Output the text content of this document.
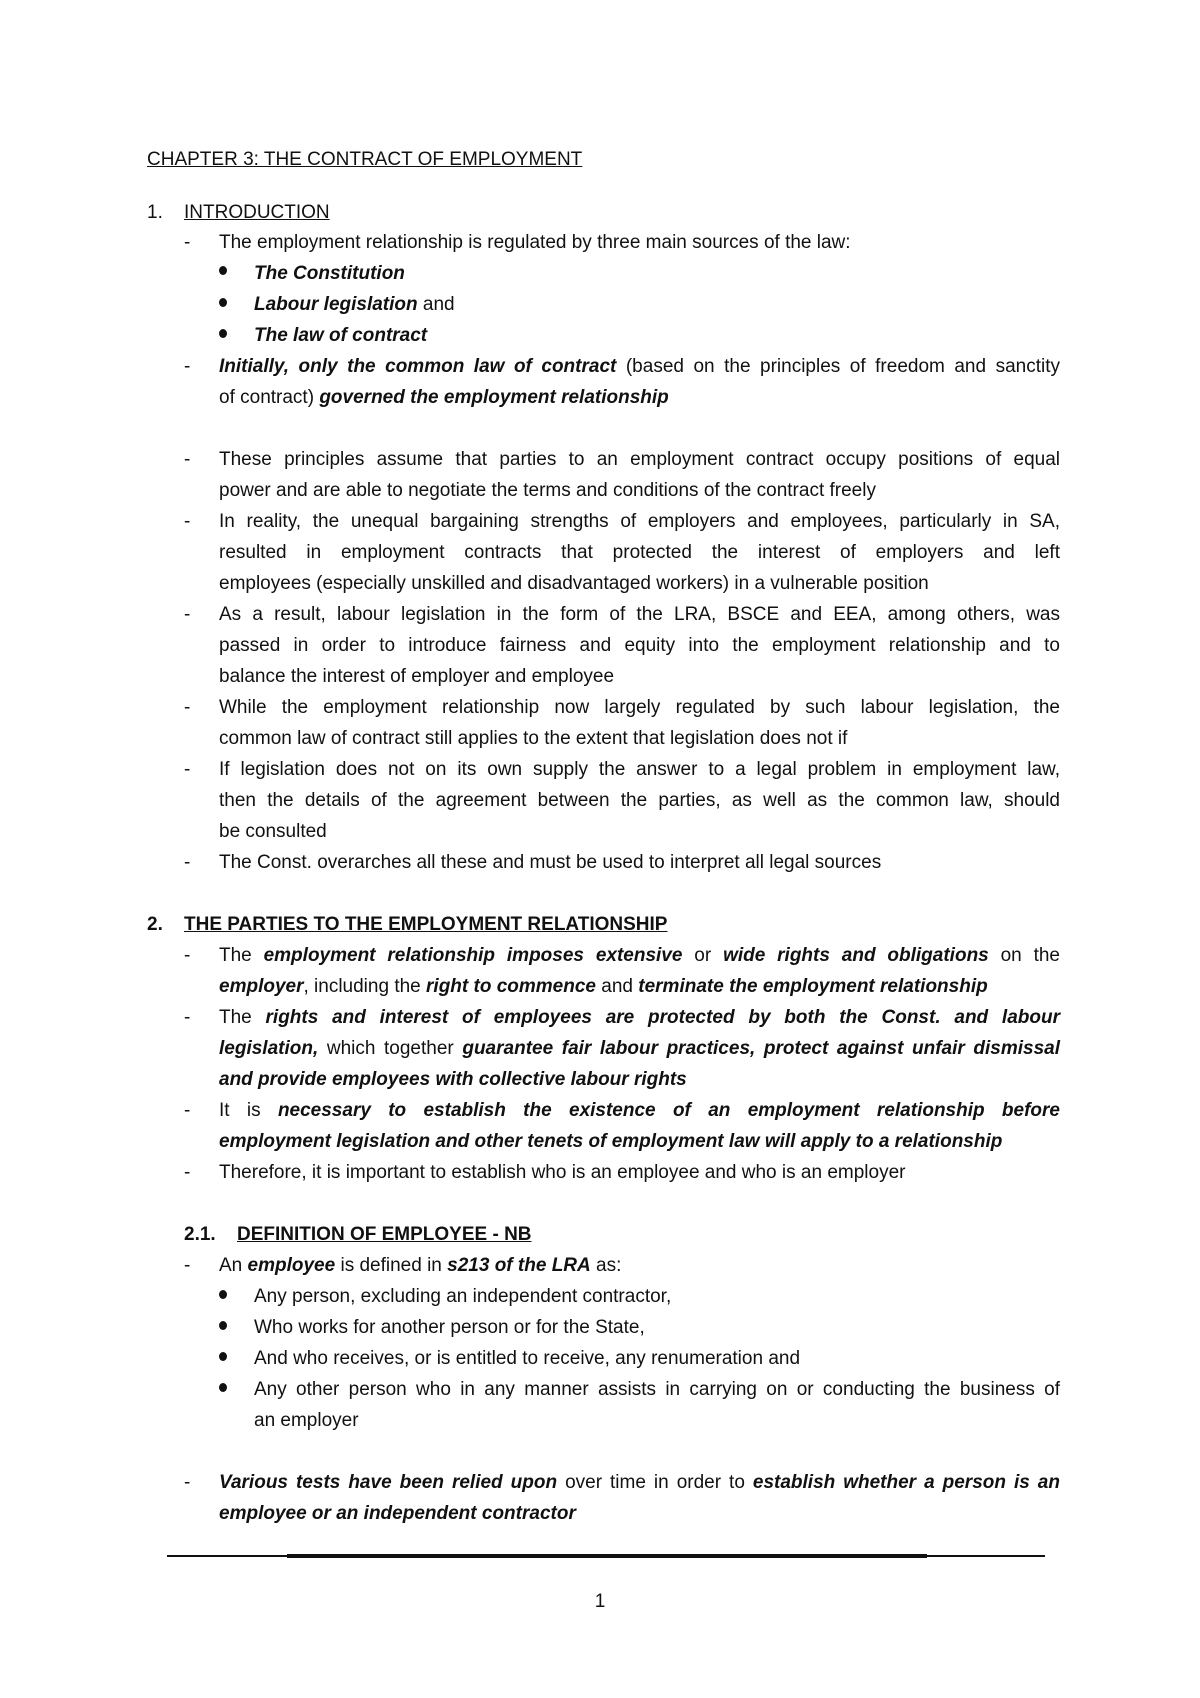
CHAPTER 3: THE CONTRACT OF EMPLOYMENT
1. INTRODUCTION
- The employment relationship is regulated by three main sources of the law:
The Constitution
Labour legislation and
The law of contract
- Initially, only the common law of contract (based on the principles of freedom and sanctity
of contract) governed the employment relationship
- These principles assume that parties to an employment contract occupy positions of equal
power and are able to negotiate the terms and conditions of the contract freely
- In reality, the unequal bargaining strengths of employers and employees, particularly in SA,
resulted in employment contracts that protected the interest of employers and left
employees (especially unskilled and disadvantaged workers) in a vulnerable position
- As a result, labour legislation in the form of the LRA, BSCE and EEA, among others, was
passed in order to introduce fairness and equity into the employment relationship and to
balance the interest of employer and employee
- While the employment relationship now largely regulated by such labour legislation, the
common law of contract still applies to the extent that legislation does not if
- If legislation does not on its own supply the answer to a legal problem in employment law,
then the details of the agreement between the parties, as well as the common law, should
be consulted
- The Const. overarches all these and must be used to interpret all legal sources
2. THE PARTIES TO THE EMPLOYMENT RELATIONSHIP
- The employment relationship imposes extensive or wide rights and obligations on the
employer, including the right to commence and terminate the employment relationship
- The rights and interest of employees are protected by both the Const. and labour
legislation, which together guarantee fair labour practices, protect against unfair dismissal
and provide employees with collective labour rights
- It is necessary to establish the existence of an employment relationship before
employment legislation and other tenets of employment law will apply to a relationship
- Therefore, it is important to establish who is an employee and who is an employer
2.1. DEFINITION OF EMPLOYEE - NB
- An employee is defined in s213 of the LRA as:
Any person, excluding an independent contractor,
Who works for another person or for the State,
And who receives, or is entitled to receive, any renumeration and
Any other person who in any manner assists in carrying on or conducting the business of
an employer
- Various tests have been relied upon over time in order to establish whether a person is an
employee or an independent contractor
1
